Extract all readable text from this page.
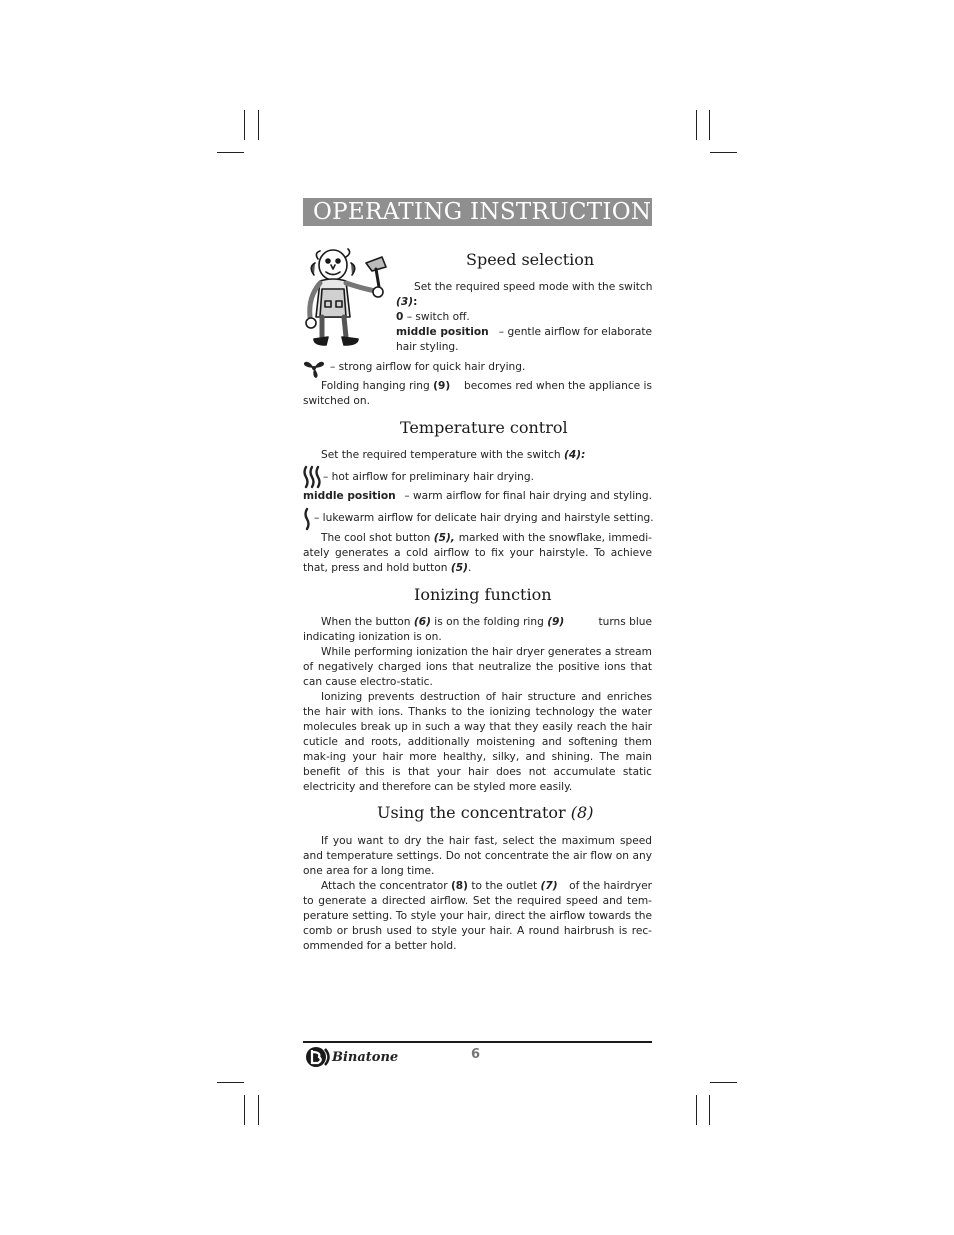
OPERATING INSTRUCTIONS
Speed selection
Set the required speed mode with the switch
(3):
0 – switch off.
middle position – gentle airflow for elaborate
hair styling.
– strong airflow for quick hair drying.
Folding hanging ring (9) becomes red when the appliance is
switched on.
Temperature control
Set the required temperature with the switch (4):
– hot airflow for preliminary hair drying.
middle position – warm airflow for final hair drying and styling.
– lukewarm airflow for delicate hair drying and hairstyle setting.
The cool shot button (5), marked with the snowflake, immedi-
ately generates a cold airflow to fix your hairstyle. To achieve
that, press and hold button (5).
Ionizing function
When the button (6) is on the folding ring (9)	turns blue
indicating ionization is on.
While performing ionization the hair dryer generates a stream of negatively charged ions that neutralize the positive ions that can cause electro-static.
Ionizing prevents destruction of hair structure and enriches the hair with ions. Thanks to the ionizing technology the water molecules break up in such a way that they easily reach the hair cuticle and roots, additionally moistening and softening them mak-ing your hair more healthy, silky, and shining. The main benefit of this is that your hair does not accumulate static electricity and therefore can be styled more easily.
Using the concentrator (8)
If you want to dry the hair fast, select the maximum speed and temperature settings. Do not concentrate the air flow on any one area for a long time.
Attach the concentrator (8) to the outlet (7) of the hairdryer
to generate a directed airflow. Set the required speed and tem-perature setting. To style your hair, direct the airflow towards the comb or brush used to style your hair. A round hairbrush is rec-ommended for a better hold.
Binatone	6
